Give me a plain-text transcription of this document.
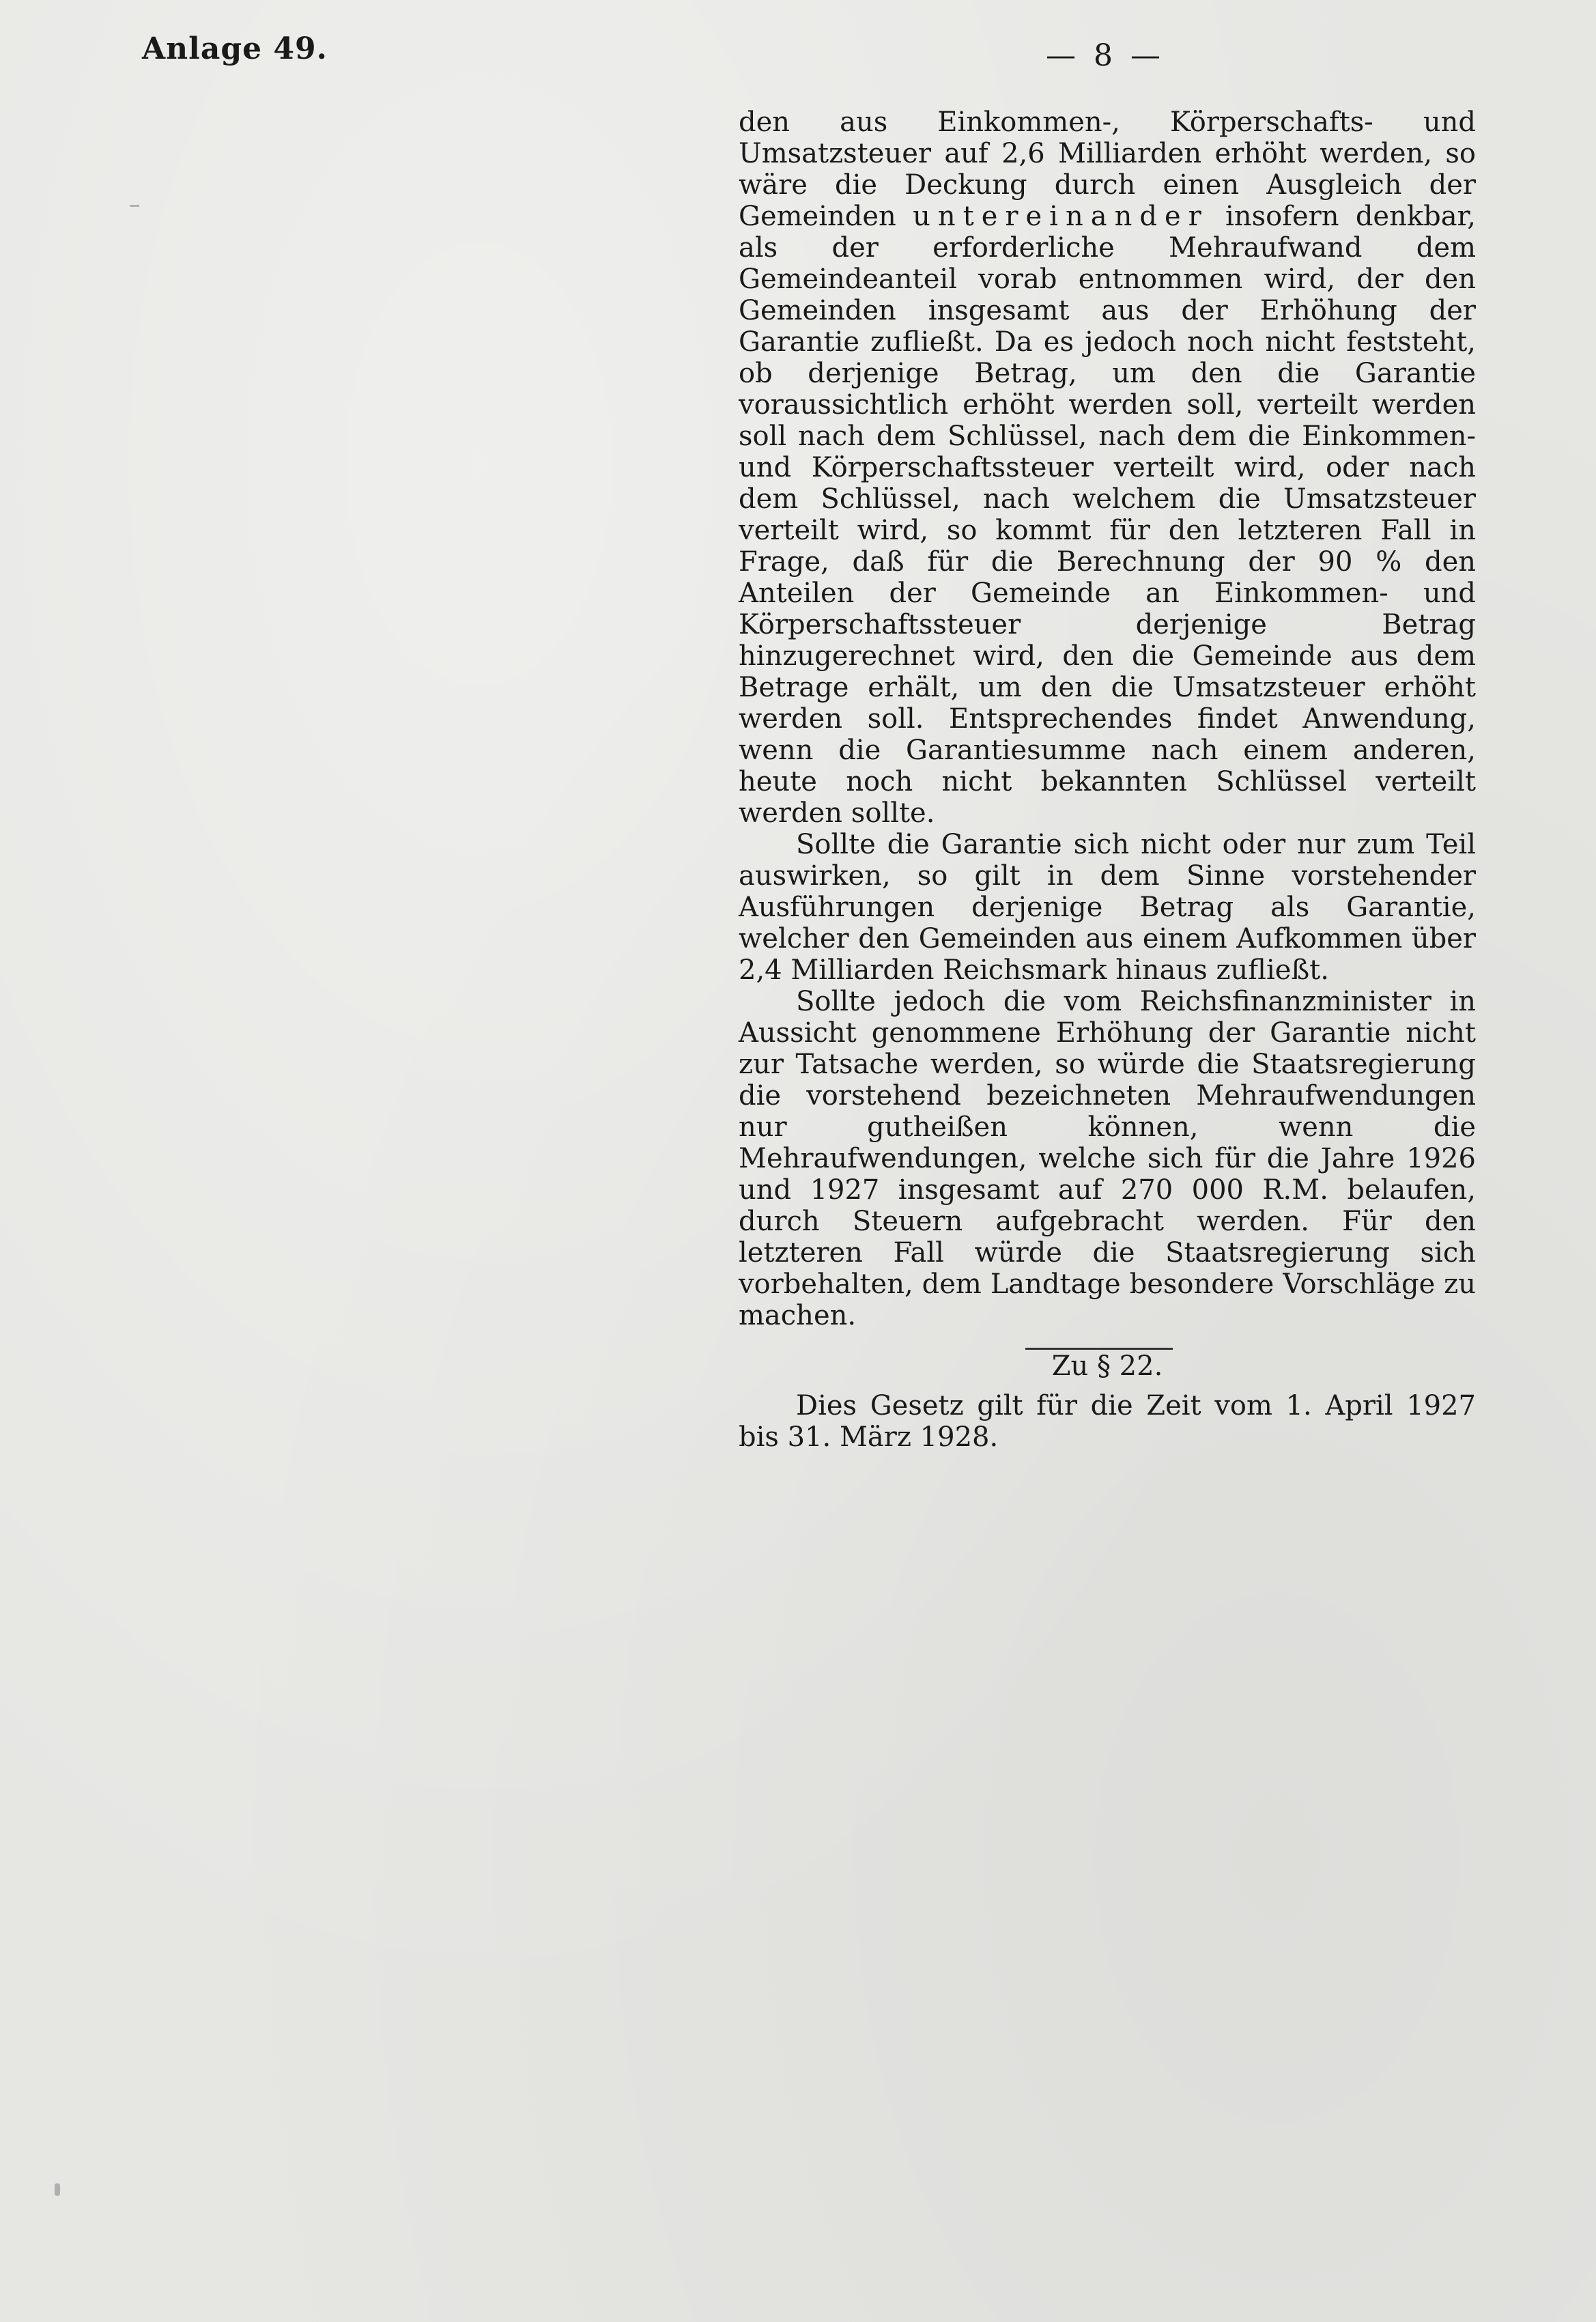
Anlage 49.	— 8 —

den aus Einkommen-, Körperschafts- und Umsatzsteuer auf 2,6 Milliarden erhöht werden, so wäre die Deckung durch einen Ausgleich der Gemeinden untereinander insofern denkbar, als der erforderliche Mehraufwand dem Gemeindeanteil vorab entnommen wird, der den Gemeinden insgesamt aus der Erhöhung der Garantie zufließt. Da es jedoch noch nicht feststeht, ob derjenige Betrag, um den die Garantie voraussichtlich erhöht werden soll, verteilt werden soll nach dem Schlüssel, nach dem die Einkommen- und Körperschaftssteuer verteilt wird, oder nach dem Schlüssel, nach welchem die Umsatzsteuer verteilt wird, so kommt für den letzteren Fall in Frage, daß für die Berechnung der 90 % den Anteilen der Gemeinde an Einkommen- und Körperschaftssteuer derjenige Betrag hinzugerechnet wird, den die Gemeinde aus dem Betrage erhält, um den die Umsatzsteuer erhöht werden soll. Entsprechendes findet Anwendung, wenn die Garantiesumme nach einem anderen, heute noch nicht bekannten Schlüssel verteilt werden sollte.

Sollte die Garantie sich nicht oder nur zum Teil auswirken, so gilt in dem Sinne vorstehender Ausführungen derjenige Betrag als Garantie, welcher den Gemeinden aus einem Aufkommen über 2,4 Milliarden Reichsmark hinaus zufließt.

Sollte jedoch die vom Reichsfinanzminister in Aussicht genommene Erhöhung der Garantie nicht zur Tatsache werden, so würde die Staatsregierung die vorstehend bezeichneten Mehraufwendungen nur gutheißen können, wenn die Mehraufwendungen, welche sich für die Jahre 1926 und 1927 insgesamt auf 270 000 R.M. belaufen, durch Steuern aufgebracht werden. Für den letzteren Fall würde die Staatsregierung sich vorbehalten, dem Landtage besondere Vorschläge zu machen.

Zu § 22.

Dies Gesetz gilt für die Zeit vom 1. April 1927 bis 31. März 1928.
